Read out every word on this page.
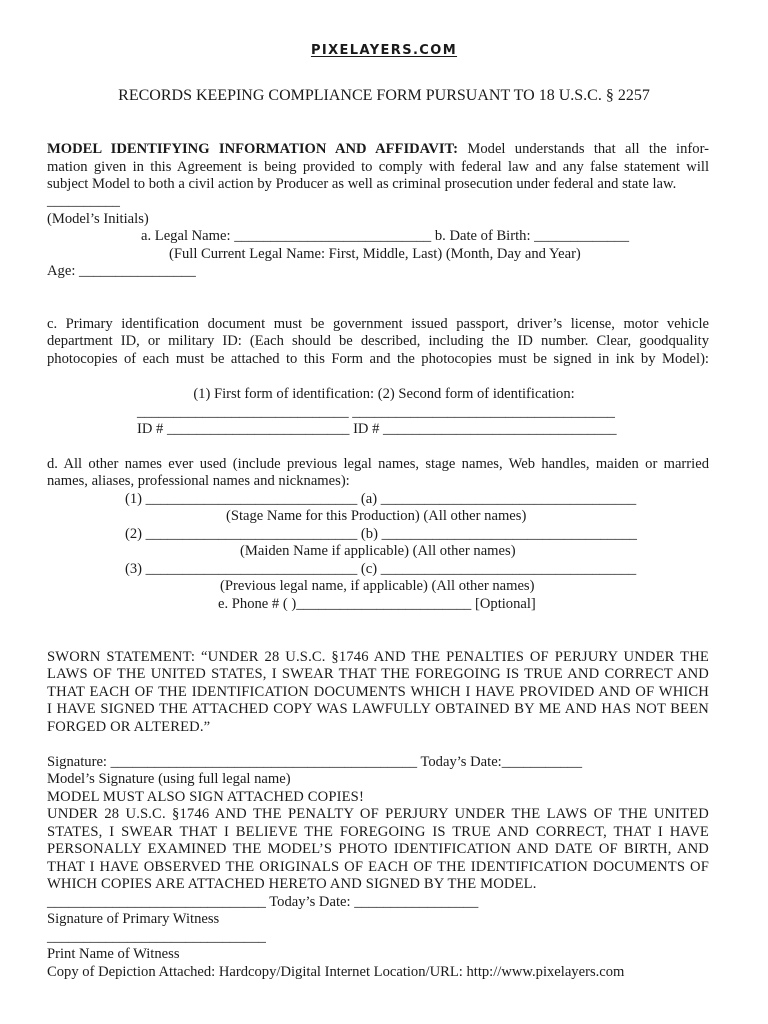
PIXELAYERS.COM
RECORDS KEEPING COMPLIANCE FORM PURSUANT TO 18 U.S.C. § 2257
MODEL IDENTIFYING INFORMATION AND AFFIDAVIT: Model understands that all the infor-
mation given in this Agreement is being provided to comply with federal law and any false statement will
subject Model to both a civil action by Producer as well as criminal prosecution under federal and state law.
__________
(Model’s Initials)
a. Legal Name: ___________________________ b. Date of Birth: _____________
(Full Current Legal Name: First, Middle, Last) (Month, Day and Year)
Age: ________________
c. Primary identification document must be government issued passport, driver’s license, motor vehicle
department ID, or military ID: (Each should be described, including the ID number. Clear, goodquality
photocopies of each must be attached to this Form and the photocopies must be signed in ink by Model):
(1) First form of identification: (2) Second form of identification:
_____________________________ ____________________________________
ID # _________________________ ID # ________________________________
d. All other names ever used (include previous legal names, stage names, Web handles, maiden or married
names, aliases, professional names and nicknames):
(1) _____________________________ (a) ___________________________________
(Stage Name for this Production) (All other names)
(2) _____________________________ (b) ___________________________________
(Maiden Name if applicable) (All other names)
(3) _____________________________ (c) ___________________________________
(Previous legal name, if applicable) (All other names)
e. Phone # ( )________________________ [Optional]
SWORN STATEMENT: “UNDER 28 U.S.C. §1746 AND THE PENALTIES OF PERJURY UNDER THE
LAWS OF THE UNITED STATES, I SWEAR THAT THE FOREGOING IS TRUE AND CORRECT AND
THAT EACH OF THE IDENTIFICATION DOCUMENTS WHICH I HAVE PROVIDED AND OF WHICH
I HAVE SIGNED THE ATTACHED COPY WAS LAWFULLY OBTAINED BY ME AND HAS NOT BEEN
FORGED OR ALTERED.”
Signature: __________________________________________ Today’s Date:___________
Model’s Signature (using full legal name)
MODEL MUST ALSO SIGN ATTACHED COPIES!
UNDER 28 U.S.C. §1746 AND THE PENALTY OF PERJURY UNDER THE LAWS OF THE UNITED
STATES, I SWEAR THAT I BELIEVE THE FOREGOING IS TRUE AND CORRECT, THAT I HAVE
PERSONALLY EXAMINED THE MODEL’S PHOTO IDENTIFICATION AND DATE OF BIRTH, AND
THAT I HAVE OBSERVED THE ORIGINALS OF EACH OF THE IDENTIFICATION DOCUMENTS OF
WHICH COPIES ARE ATTACHED HERETO AND SIGNED BY THE MODEL.
______________________________ Today’s Date: _________________
Signature of Primary Witness
______________________________
Print Name of Witness
Copy of Depiction Attached: Hardcopy/Digital Internet Location/URL: http://www.pixelayers.com
